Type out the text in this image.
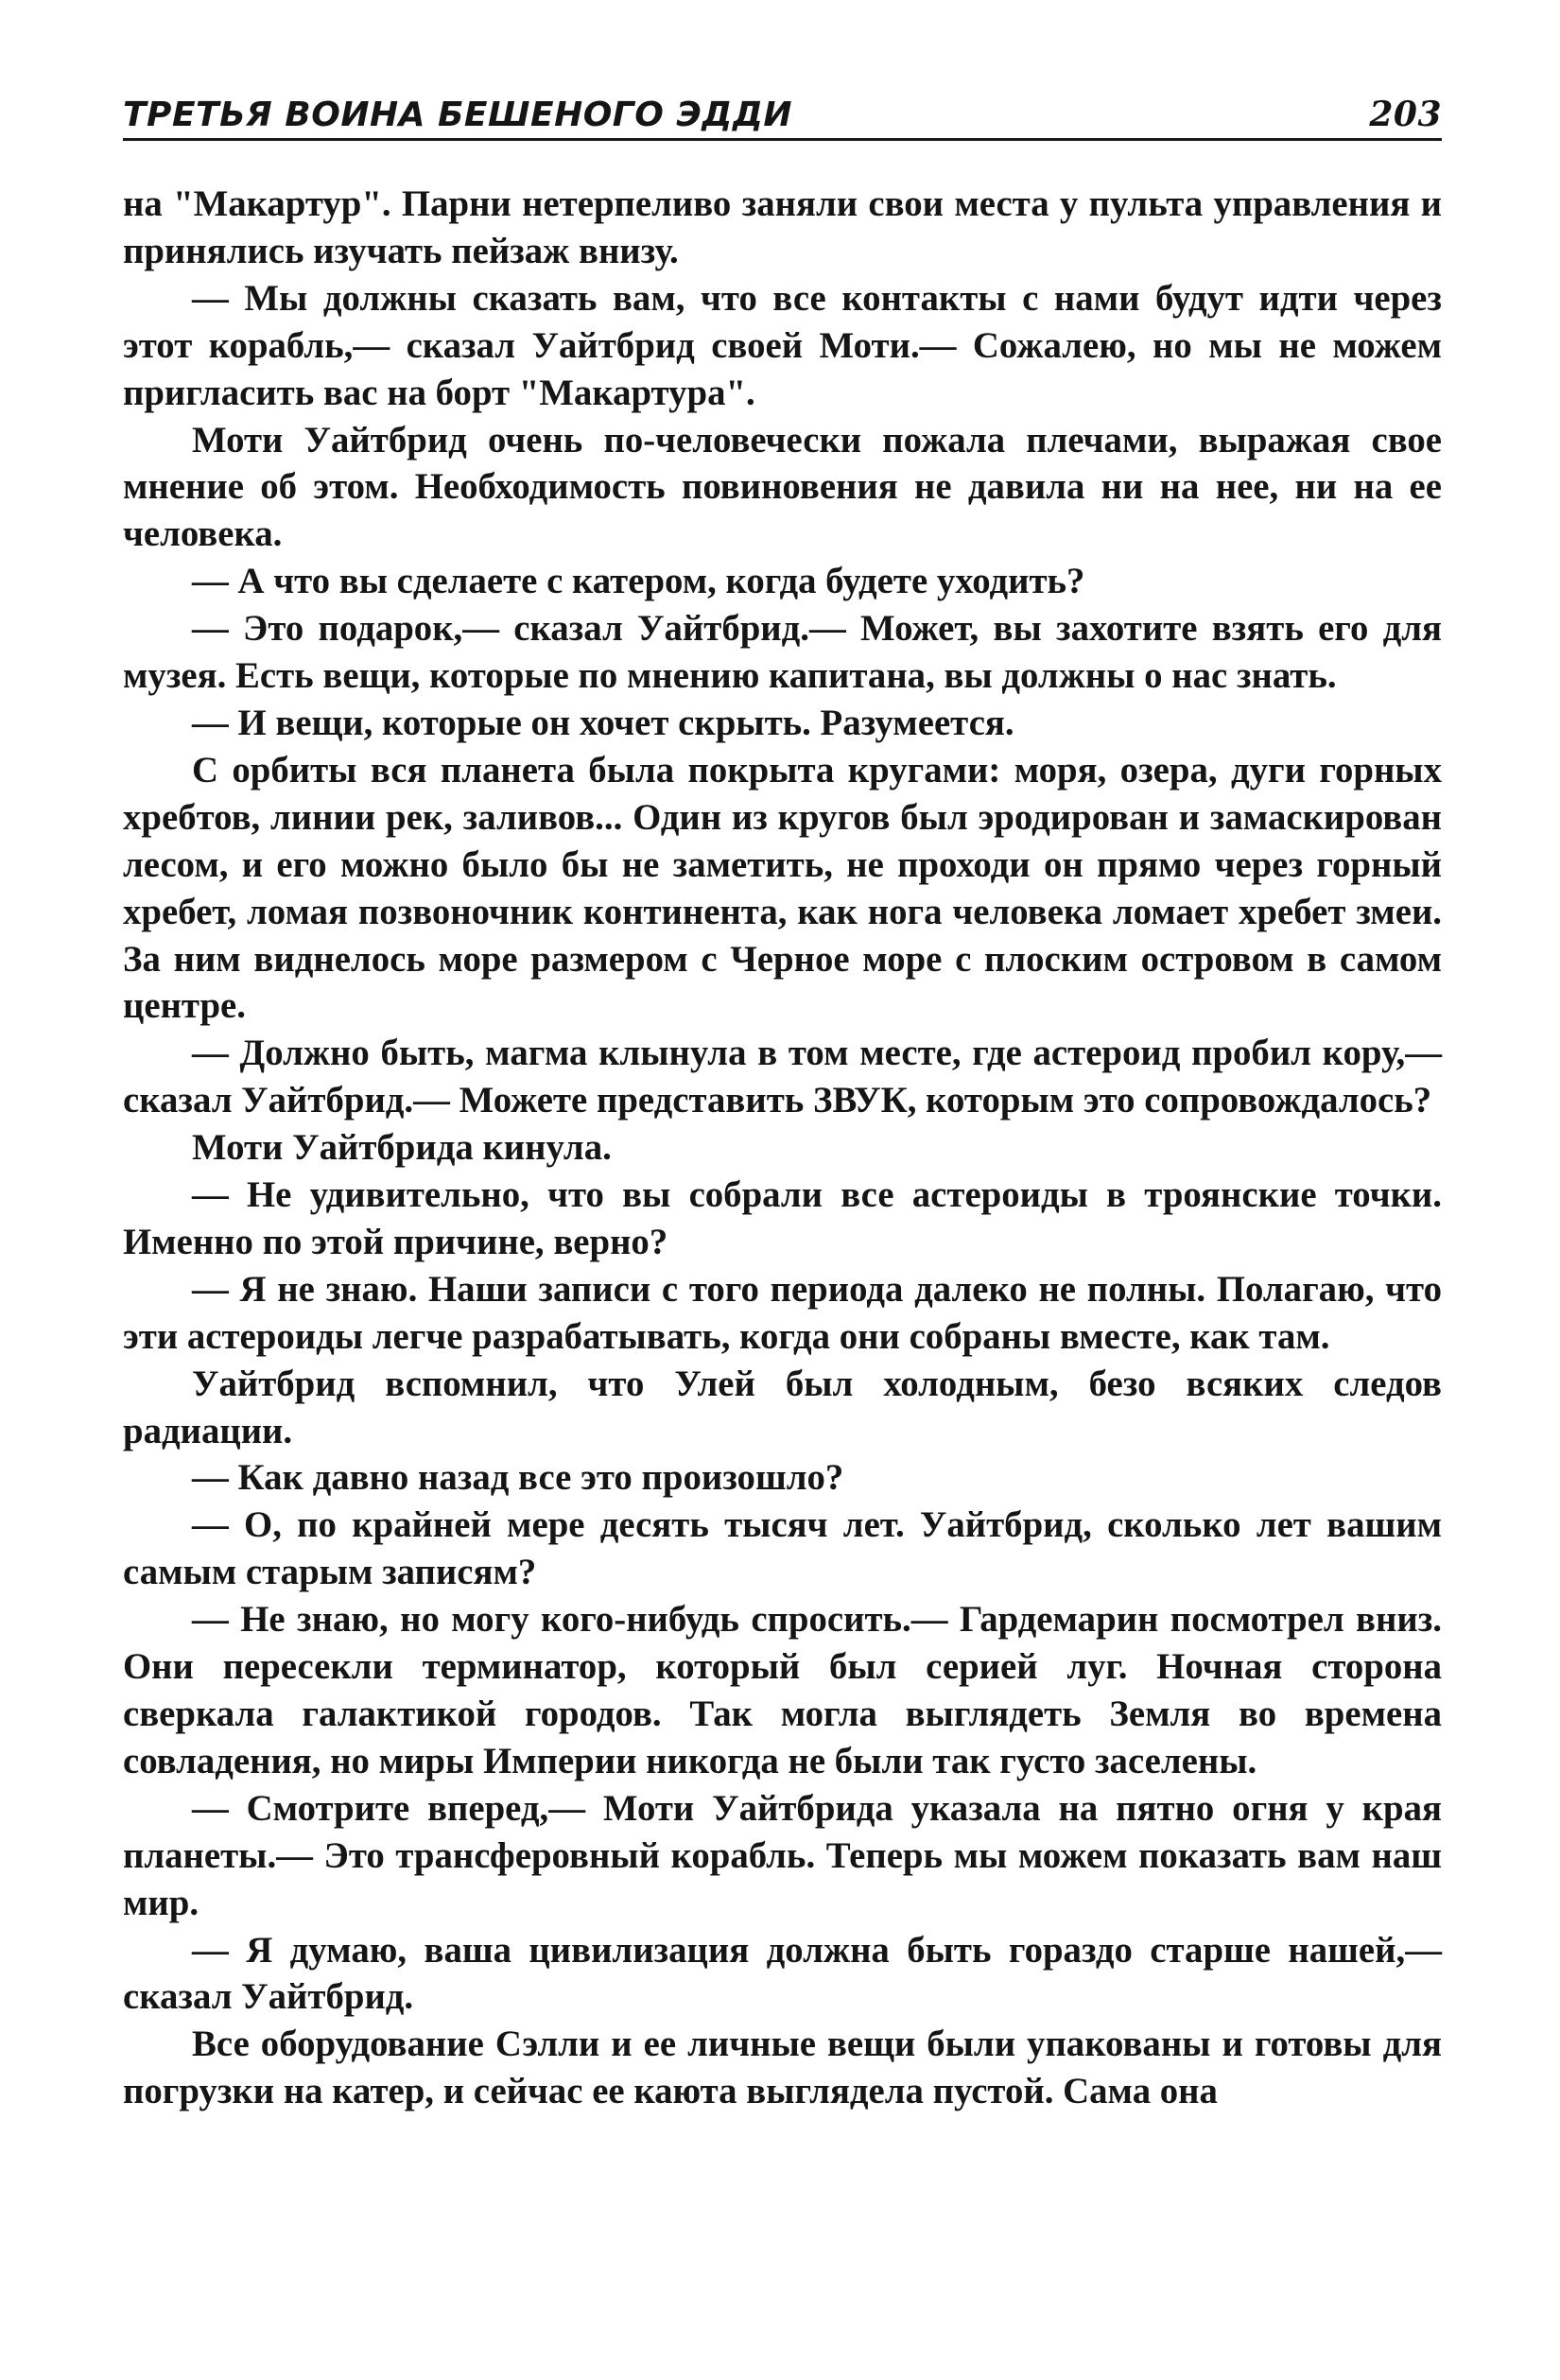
ТРЕТЬЯ ВОИНА БЕШЕНОГО ЭДДИ	203

на "Макартур". Парни нетерпеливо заняли свои места у пульта управления и принялись изучать пейзаж внизу.

— Мы должны сказать вам, что все контакты с нами будут идти через этот корабль,— сказал Уайтбрид своей Моти.— Сожалею, но мы не можем пригласить вас на борт "Макартура".

Моти Уайтбрид очень по-человечески пожала плечами, выражая свое мнение об этом. Необходимость повиновения не давила ни на нее, ни на ее человека.

— А что вы сделаете с катером, когда будете уходить?

— Это подарок,— сказал Уайтбрид.— Может, вы захотите взять его для музея. Есть вещи, которые по мнению капитана, вы должны о нас знать.

— И вещи, которые он хочет скрыть. Разумеется.

С орбиты вся планета была покрыта кругами: моря, озера, дуги горных хребтов, линии рек, заливов... Один из кругов был эродирован и замаскирован лесом, и его можно было бы не заметить, не проходи он прямо через горный хребет, ломая позвоночник континента, как нога человека ломает хребет змеи. За ним виднелось море размером с Черное море с плоским островом в самом центре.

— Должно быть, магма клынула в том месте, где астероид пробил кору,— сказал Уайтбрид.— Можете представить ЗВУК, которым это сопровождалось?

Моти Уайтбрида кинула.

— Не удивительно, что вы собрали все астероиды в троянские точки. Именно по этой причине, верно?

— Я не знаю. Наши записи с того периода далеко не полны. Полагаю, что эти астероиды легче разрабатывать, когда они собраны вместе, как там.

Уайтбрид вспомнил, что Улей был холодным, безо всяких следов радиации.

— Как давно назад все это произошло?

— О, по крайней мере десять тысяч лет. Уайтбрид, сколько лет вашим самым старым записям?

— Не знаю, но могу кого-нибудь спросить.— Гардемарин посмотрел вниз. Они пересекли терминатор, который был серией луг. Ночная сторона сверкала галактикой городов. Так могла выглядеть Земля во времена совладения, но миры Империи никогда не были так густо заселены.

— Смотрите вперед,— Моти Уайтбрида указала на пятно огня у края планеты.— Это трансферовный корабль. Теперь мы можем показать вам наш мир.

— Я думаю, ваша цивилизация должна быть гораздо старше нашей,— сказал Уайтбрид.

Все оборудование Сэлли и ее личные вещи были упакованы и готовы для погрузки на катер, и сейчас ее каюта выглядела пустой. Сама она
